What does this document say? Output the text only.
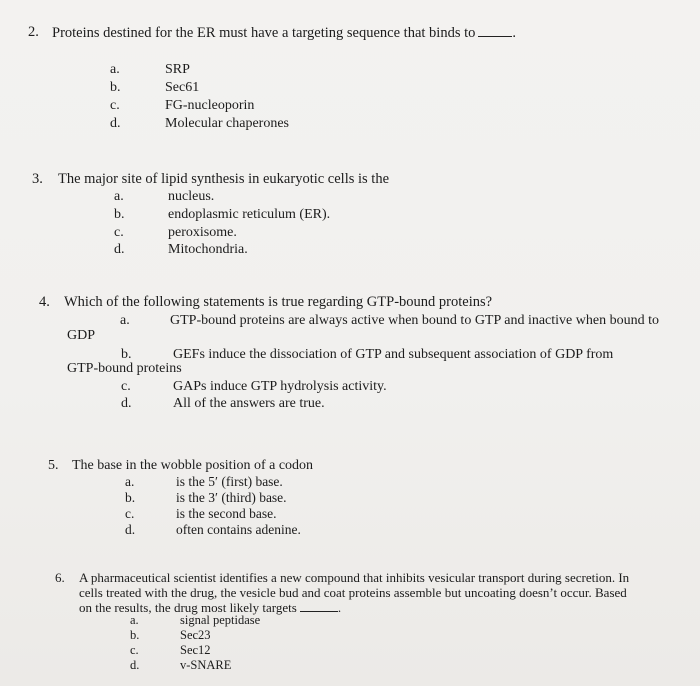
2. Proteins destined for the ER must have a targeting sequence that binds to	.
a.	SRP
b.	Sec61
c.	FG-nucleoporin
d.	Molecular chaperones
3. The major site of lipid synthesis in eukaryotic cells is the
a.	nucleus.
b.	endoplasmic reticulum (ER).
c.	peroxisome.
d.	Mitochondria.
4. Which of the following statements is true regarding GTP-bound proteins?
a.	GTP-bound proteins are always active when bound to GTP and inactive when bound to
GDP
b.	GEFs induce the dissociation of GTP and subsequent association of GDP from
GTP-bound proteins
c.	GAPs induce GTP hydrolysis activity.
d.	All of the answers are true.
5. The base in the wobble position of a codon
a.	is the 5′ (first) base.
b.	is the 3′ (third) base.
c.	is the second base.
d.	often contains adenine.
6. A pharmaceutical scientist identifies a new compound that inhibits vesicular transport during secretion. In
cells treated with the drug, the vesicle bud and coat proteins assemble but uncoating doesn’t occur. Based
on the results, the drug most likely targets	.
a.	signal peptidase
b.	Sec23
c.	Sec12
d.	v-SNARE
